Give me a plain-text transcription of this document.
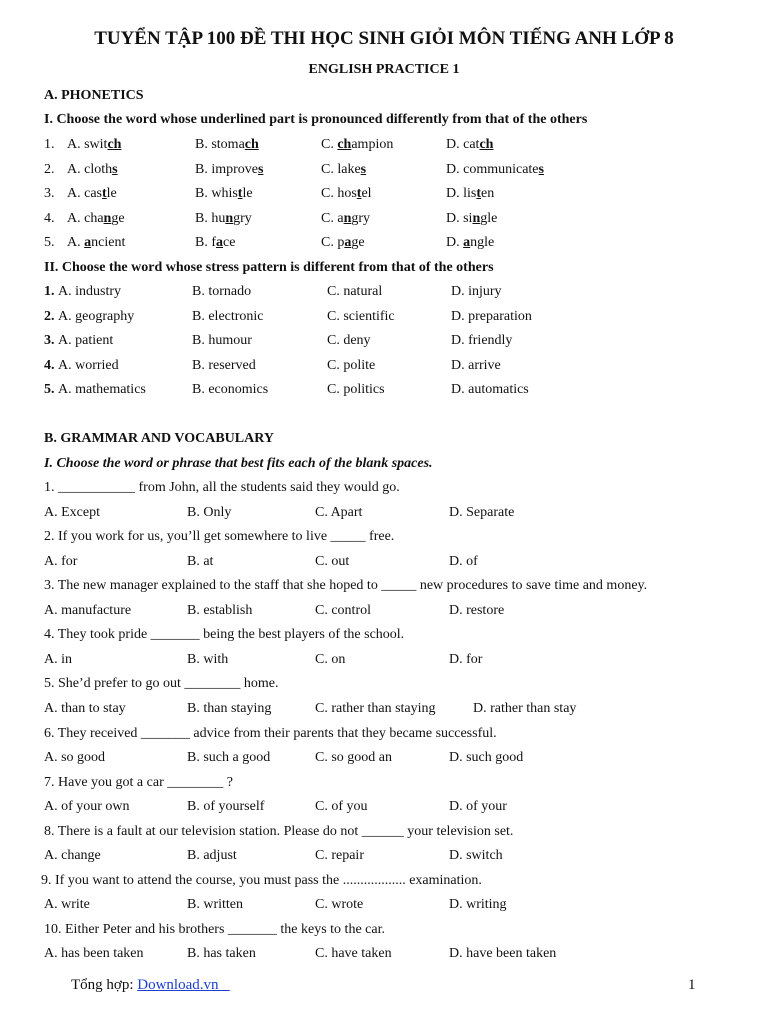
TUYỂN TẬP 100 ĐỀ THI HỌC SINH GIỎI MÔN TIẾNG ANH LỚP 8
ENGLISH PRACTICE 1
A. PHONETICS
I. Choose the word whose underlined part is pronounced differently from that of the others
1. A. switch	B. stomach	C. champion	D. catch
2. A. cloths	B. improves	C. lakes	D. communicates
3. A. castle	B. whistle	C. hostel	D. listen
4. A. change	B. hungry	C. angry	D. single
5. A. ancient	B. face	C. page	D. angle
II. Choose the word whose stress pattern is different from that of the others
1. A. industry	B. tornado	C. natural	D. injury
2. A. geography	B. electronic	C. scientific	D. preparation
3. A. patient	B. humour	C. deny	D. friendly
4. A. worried	B. reserved	C. polite	D. arrive
5. A. mathematics	B. economics	C. politics	D. automatics
B. GRAMMAR AND VOCABULARY
I. Choose the word or phrase that best fits each of the blank spaces.
1. ___________ from John, all the students said they would go.
A. Except	B. Only	C. Apart	D. Separate
2. If you work for us, you’ll get somewhere to live _____ free.
A. for	B. at	C. out	D. of
3. The new manager explained to the staff that she hoped to _____ new procedures to save time and money.
A. manufacture	B. establish	C. control	D. restore
4. They took pride _______ being the best players of the school.
A. in	B. with	C. on	D. for
5. She’d prefer to go out ________ home.
A. than to stay	B. than staying	C. rather than staying	D. rather than stay
6. They received _______ advice from their parents that they became successful.
A. so good	B. such a good	C. so good an	D. such good
7. Have you got a car ________ ?
A. of your own	B. of yourself	C. of you	D. of your
8. There is a fault at our television station. Please do not ______ your television set.
A. change	B. adjust	C. repair	D. switch
9. If you want to attend the course, you must pass the .................. examination.
A. write	B. written	C. wrote	D. writing
10. Either Peter and his brothers _______ the keys to the car.
A. has been taken	B. has taken	C. have taken	D. have been taken
Tổng hợp: Download.vn	1
